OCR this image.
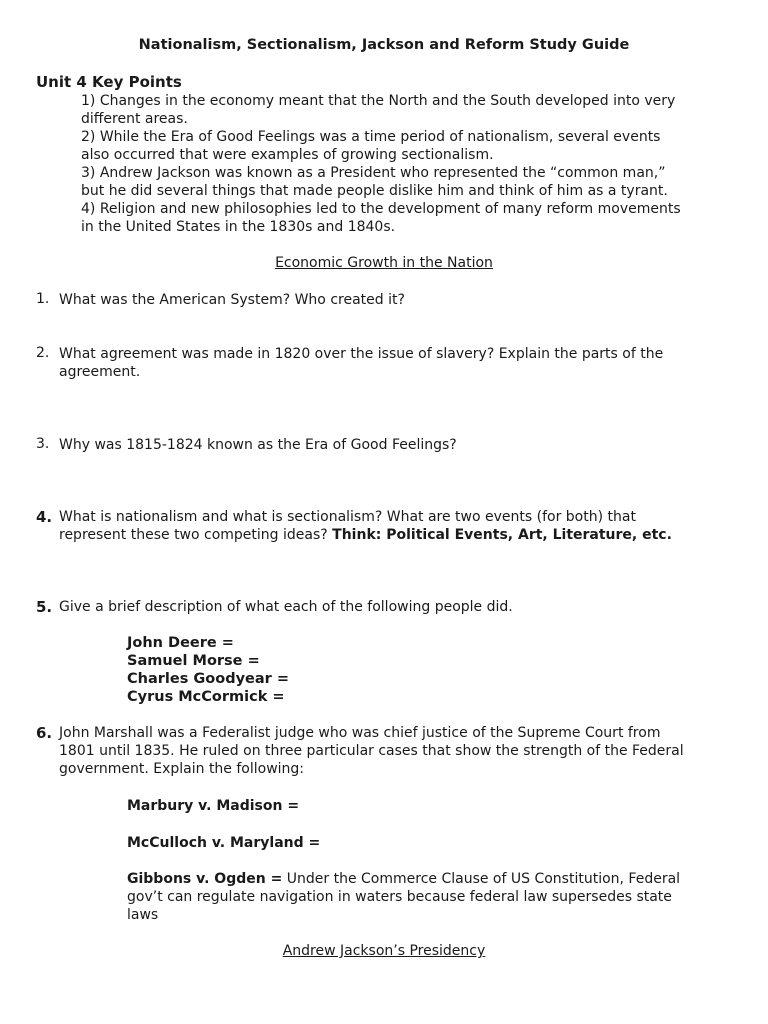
Nationalism, Sectionalism, Jackson and Reform Study Guide
Unit 4 Key Points
1) Changes in the economy meant that the North and the South developed into very
different areas.
2) While the Era of Good Feelings was a time period of nationalism, several events
also occurred that were examples of growing sectionalism.
3) Andrew Jackson was known as a President who represented the “common man,”
but he did several things that made people dislike him and think of him as a tyrant.
4) Religion and new philosophies led to the development of many reform movements
in the United States in the 1830s and 1840s.
Economic Growth in the Nation
1. What was the American System? Who created it?
2. What agreement was made in 1820 over the issue of slavery? Explain the parts of the
agreement.
3. Why was 1815-1824 known as the Era of Good Feelings?
4. What is nationalism and what is sectionalism? What are two events (for both) that
represent these two competing ideas? Think: Political Events, Art, Literature, etc.
5. Give a brief description of what each of the following people did.
John Deere =
Samuel Morse =
Charles Goodyear =
Cyrus McCormick =
6. John Marshall was a Federalist judge who was chief justice of the Supreme Court from
1801 until 1835. He ruled on three particular cases that show the strength of the Federal
government. Explain the following:
Marbury v. Madison =
McCulloch v. Maryland =
Gibbons v. Ogden = Under the Commerce Clause of US Constitution, Federal
gov’t can regulate navigation in waters because federal law supersedes state
laws
Andrew Jackson’s Presidency
